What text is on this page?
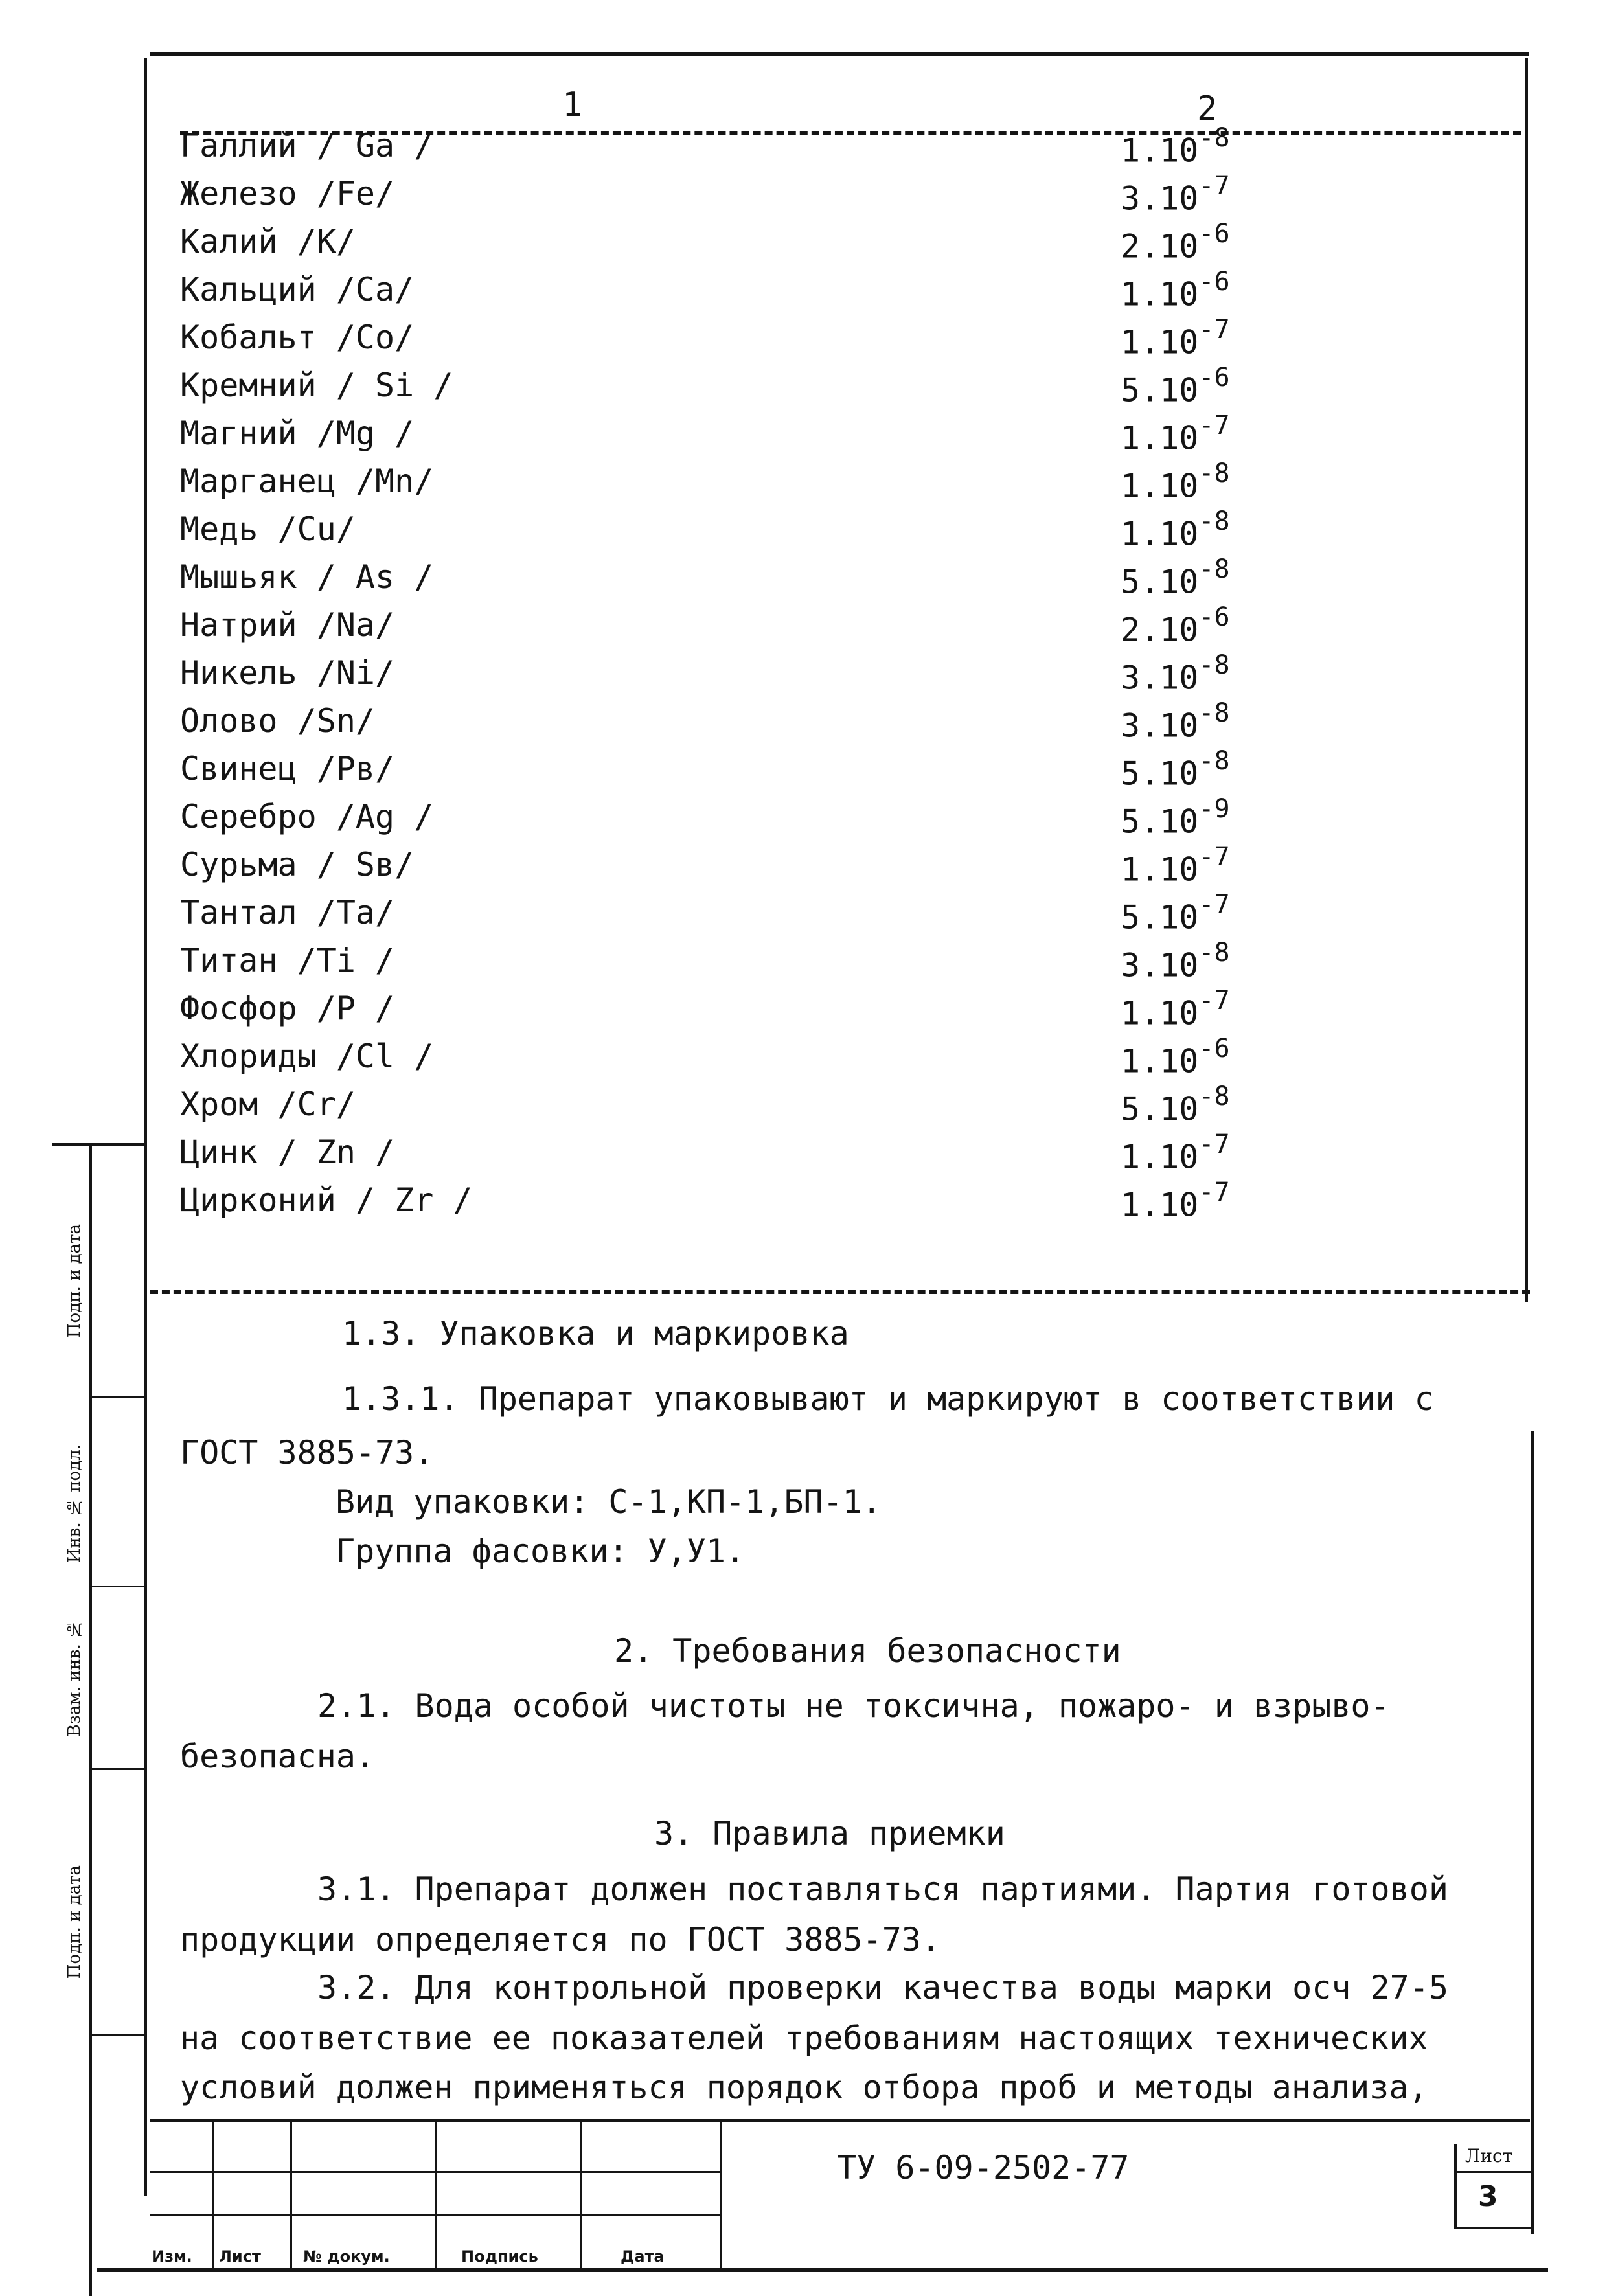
1	2
Галлий / Ga /	$1.10^{-8}$
Железо /Fe/	$3.10^{-7}$
Калий /К/	$2.10^{-6}$
Кальций /Ca/	$1.10^{-6}$
Кобальт /Co/	$1.10^{-7}$
Кремний / Si /	$5.10^{-6}$
Магний /Mg /	$1.10^{-7}$
Марганец /Mn/	$1.10^{-8}$
Медь /Cu/	$1.10^{-8}$
Мышьяк / As /	$5.10^{-8}$
Натрий /Na/	$2.10^{-6}$
Никель /Ni/	$3.10^{-8}$
Олово /Sn/	$3.10^{-8}$
Свинец /Pв/	$5.10^{-8}$
Серебро /Ag /	$5.10^{-9}$
Сурьма / Sв/	$1.10^{-7}$
Тантал /Ta/	$5.10^{-7}$
Титан /Ti /	$3.10^{-8}$
Фосфор /P /	$1.10^{-7}$
Хлориды /Cl /	$1.10^{-6}$
Хром /Cr/	$5.10^{-8}$
Цинк / Zn /	$1.10^{-7}$
Цирконий / Zr /	$1.10^{-7}$
1.3. Упаковка и маркировка
1.3.1. Препарат упаковывают и маркируют в соответствии с
ГОСТ 3885-73.
Вид упаковки: С-1,КП-1,БП-1.
Группа фасовки: У,У1.
2. Требования безопасности
2.1. Вода особой чистоты не токсична, пожаро- и взрыво-
безопасна.
3. Правила приемки
3.1. Препарат должен поставляться партиями. Партия готовой
продукции определяется по ГОСТ 3885-73.
3.2. Для контрольной проверки качества воды марки осч 27-5
на соответствие ее показателей требованиям настоящих технических
условий должен применяться порядок отбора проб и методы анализа,
Подп. и дата
Инв. № подл.
Взам. инв. №
Подп. и дата
Изм. Лист	№ докум.	Подпись	Дата
ТУ 6-09-2502-77	Лист
3
